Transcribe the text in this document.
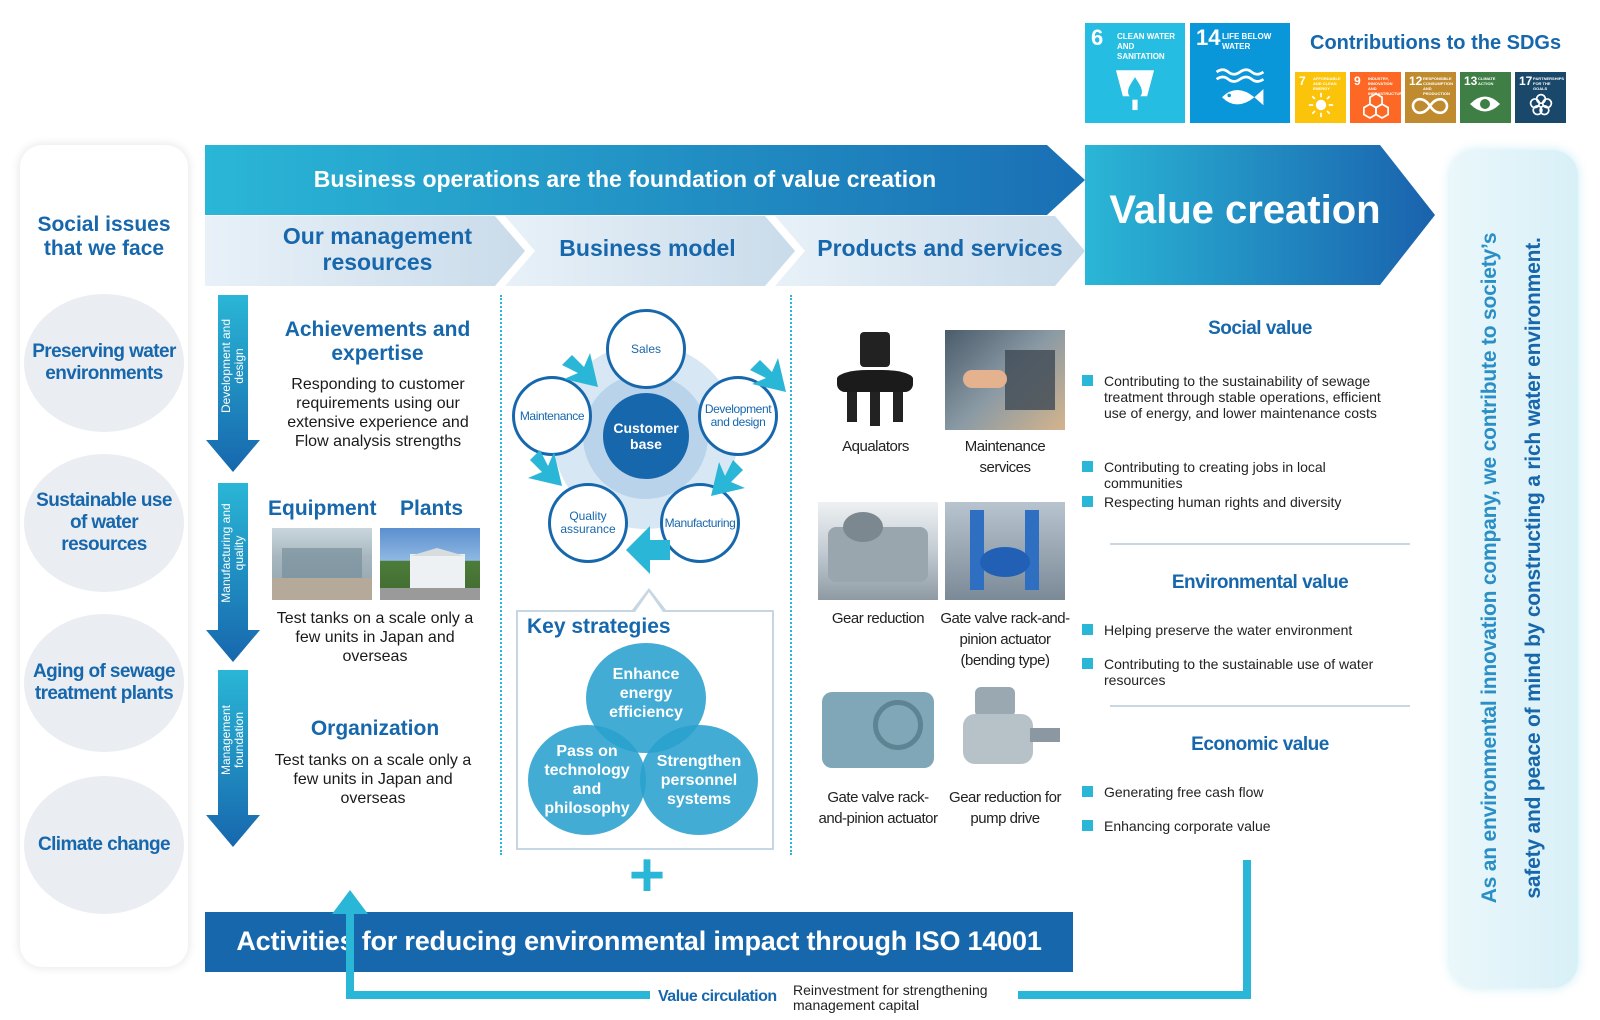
6 CLEAN WATER AND SANITATION
14 LIFE BELOW WATER	Contributions to the SDGs
7 AFFORDABLE AND CLEAN ENERGY
9 INDUSTRY, INNOVATION AND INFRASTRUCTURE
12 RESPONSIBLE CONSUMPTION AND PRODUCTION
13 CLIMATE ACTION	17 PARTNERSHIPS FOR THE GOALS
Social issues that we face
Preserving water environments
Sustainable use of water resources
Aging of sewage treatment plants
Climate change
Business operations are the foundation of value creation
Value creation
Our management resources
Business model	Products and services
Development and design
Manufacturing and quality
Management foundation
Achievements and expertise
Responding to customer requirements using our extensive experience and Flow analysis strengths
Equipment Plants
Test tanks on a scale only a few units in Japan and overseas
Organization
Test tanks on a scale only a few units in Japan and overseas
Customer base
Sales
Development and design
Manufacturing
Quality assurance
Maintenance
Key strategies
Enhance energy efficiency
Pass on technology and philosophy
Strengthen personnel systems
Aqualators	Maintenance services
Gear reduction	Gate valve rack-and-pinion actuator (bending type)
Gate valve rack-and-pinion actuator
Gear reduction for pump drive
Social value
Contributing to the sustainability of sewage treatment through stable operations, efficient use of energy, and lower maintenance costs
Contributing to creating jobs in local communities
Respecting human rights and diversity
Environmental value
Helping preserve the water environment
Contributing to the sustainable use of water resources
Economic value
Generating free cash flow
Enhancing corporate value	As an environmental innovation company, we contribute to society’s safety and peace of mind by constructing a rich water environment.
+
Activities for reducing environmental impact through ISO 14001
Value circulation Reinvestment for strengthening management capital
